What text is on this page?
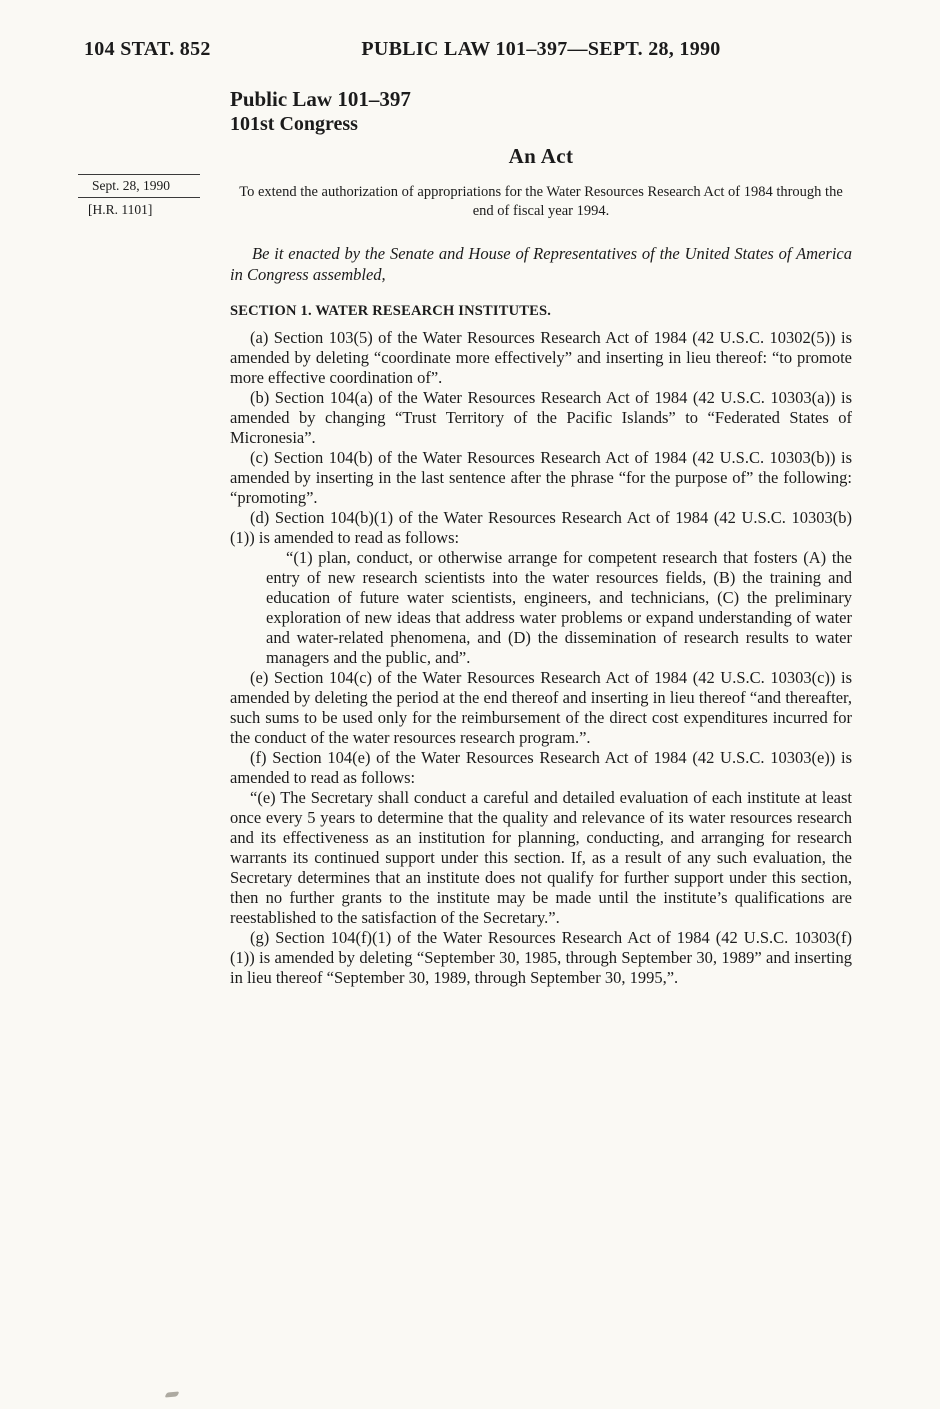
104 STAT. 852	PUBLIC LAW 101–397—SEPT. 28, 1990
Sept. 28, 1990
[H.R. 1101]
Public Law 101–397
101st Congress
An Act

To extend the authorization of appropriations for the Water Resources Research Act of 1984 through the end of fiscal year 1994.

Be it enacted by the Senate and House of Representatives of the United States of America in Congress assembled,

SECTION 1. WATER RESEARCH INSTITUTES.

(a) Section 103(5) of the Water Resources Research Act of 1984 (42 U.S.C. 10302(5)) is amended by deleting “coordinate more effectively” and inserting in lieu thereof: “to promote more effective coordination of”.

(b) Section 104(a) of the Water Resources Research Act of 1984 (42 U.S.C. 10303(a)) is amended by changing “Trust Territory of the Pacific Islands” to “Federated States of Micronesia”.

(c) Section 104(b) of the Water Resources Research Act of 1984 (42 U.S.C. 10303(b)) is amended by inserting in the last sentence after the phrase “for the purpose of” the following: “promoting”.

(d) Section 104(b)(1) of the Water Resources Research Act of 1984 (42 U.S.C. 10303(b)(1)) is amended to read as follows:

“(1) plan, conduct, or otherwise arrange for competent research that fosters (A) the entry of new research scientists into the water resources fields, (B) the training and education of future water scientists, engineers, and technicians, (C) the preliminary exploration of new ideas that address water problems or expand understanding of water and water-related phenomena, and (D) the dissemination of research results to water managers and the public, and”.

(e) Section 104(c) of the Water Resources Research Act of 1984 (42 U.S.C. 10303(c)) is amended by deleting the period at the end thereof and inserting in lieu thereof “and thereafter, such sums to be used only for the reimbursement of the direct cost expenditures incurred for the conduct of the water resources research program.”.

(f) Section 104(e) of the Water Resources Research Act of 1984 (42 U.S.C. 10303(e)) is amended to read as follows:

“(e) The Secretary shall conduct a careful and detailed evaluation of each institute at least once every 5 years to determine that the quality and relevance of its water resources research and its effectiveness as an institution for planning, conducting, and arranging for research warrants its continued support under this section. If, as a result of any such evaluation, the Secretary determines that an institute does not qualify for further support under this section, then no further grants to the institute may be made until the institute’s qualifications are reestablished to the satisfaction of the Secretary.”.

(g) Section 104(f)(1) of the Water Resources Research Act of 1984 (42 U.S.C. 10303(f)(1)) is amended by deleting “September 30, 1985, through September 30, 1989” and inserting in lieu thereof “September 30, 1989, through September 30, 1995,”.
